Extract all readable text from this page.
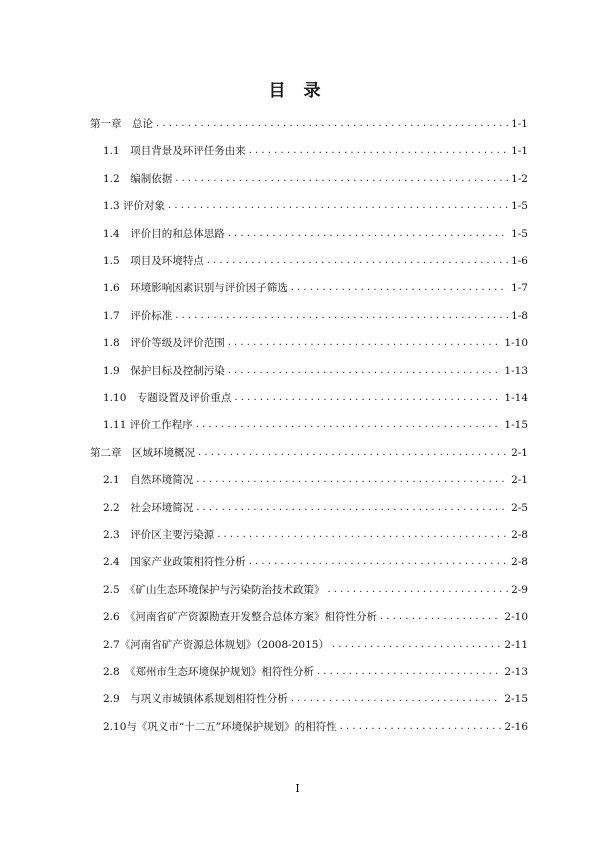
目 录
第一章　总论 . . .	1-1
1.1　项目背景及环评任务由来 . . .	1-1
1.2　编制依据 . . .	1-2
1.3 评价对象 . . .	1-5
1.4　评价目的和总体思路 . . .	1-5
1.5　项目及环境特点 . . .	1-6
1.6　环境影响因素识别与评价因子筛选 . . .	1-7
1.7　评价标准 . . .	1-8
1.8　评价等级及评价范围 . . .	1-10
1.9　保护目标及控制污染 . . .	1-13
1.10　专题设置及评价重点 . . .	1-14
1.11 评价工作程序 . . .	1-15
第二章　区域环境概况 . . .	2-1
2.1　自然环境简况 . . .	2-1
2.2　社会环境简况 . . .	2-5
2.3　评价区主要污染源 . . .	2-8
2.4　国家产业政策相符性分析 . . .	2-8
2.5　《矿山生态环境保护与污染防治技术政策》 . . .	2-9
2.6　《河南省矿产资源勘查开发整合总体方案》相符性分析 . . .	2-10
2.7《河南省矿产资源总体规划》（2008-2015） . . .	2-11
2.8　《郑州市生态环境保护规划》相符性分析 . . .	2-13
2.9　与巩义市城镇体系规划相符性分析 . . .	2-15
2.10与《巩义市“十二五”环境保护规划》的相符性 . . .	2-16
I
